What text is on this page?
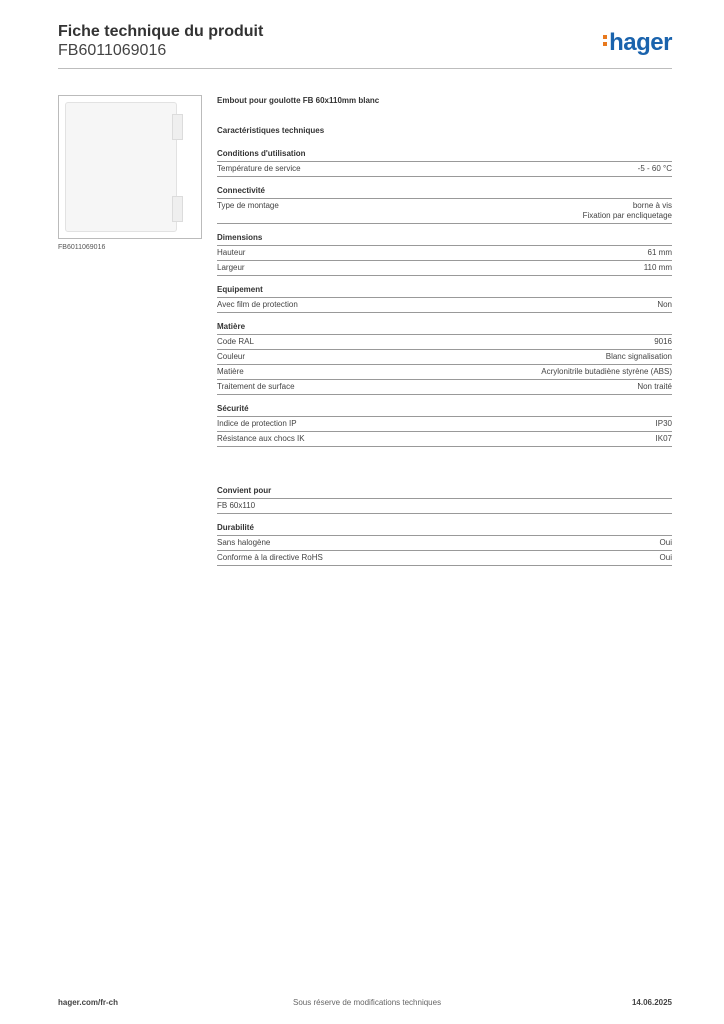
Fiche technique du produit
FB6011069016	hager
FB6011069016
Embout pour goulotte FB 60x110mm blanc
Caractéristiques techniques
Conditions d'utilisation
Température de service	-5 - 60 °C
Connectivité
Type de montage	borne à vis
Fixation par encliquetage
Dimensions
Hauteur	61 mm
Largeur	110 mm
Equipement
Avec film de protection	Non
Matière
Code RAL	9016
Couleur	Blanc signalisation
Matière	Acrylonitrile butadiène styrène (ABS)
Traitement de surface	Non traité
Sécurité
Indice de protection IP	IP30
Résistance aux chocs IK	IK07
Convient pour
FB 60x110
Durabilité
Sans halogène	Oui
Conforme à la directive RoHS	Oui
hager.com/fr-ch	Sous réserve de modifications techniques	14.06.2025
